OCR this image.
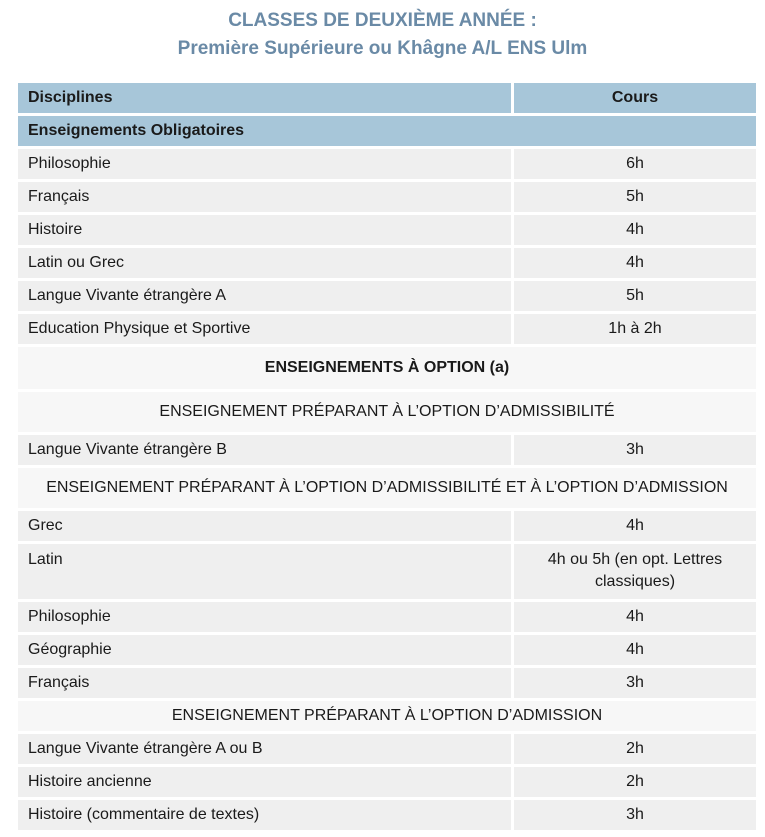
CLASSES DE DEUXIÈME ANNÉE :
Première Supérieure ou Khâgne A/L ENS Ulm
Disciplines	Cours
Enseignements Obligatoires	
Philosophie	6h
Français	5h
Histoire	4h
Latin ou Grec	4h
Langue Vivante étrangère A	5h
Education Physique et Sportive	1h à 2h
ENSEIGNEMENTS À OPTION (a)	
ENSEIGNEMENT PRÉPARANT À L’OPTION D’ADMISSIBILITÉ	
Langue Vivante étrangère B	3h
ENSEIGNEMENT PRÉPARANT À L’OPTION D’ADMISSIBILITÉ ET À L’OPTION D’ADMISSION	
Grec	4h
Latin	4h ou 5h (en opt. Lettres classiques)
Philosophie	4h
Géographie	4h
Français	3h
ENSEIGNEMENT PRÉPARANT À L’OPTION D’ADMISSION	
Langue Vivante étrangère A ou B	2h
Histoire ancienne	2h
Histoire (commentaire de textes)	3h
